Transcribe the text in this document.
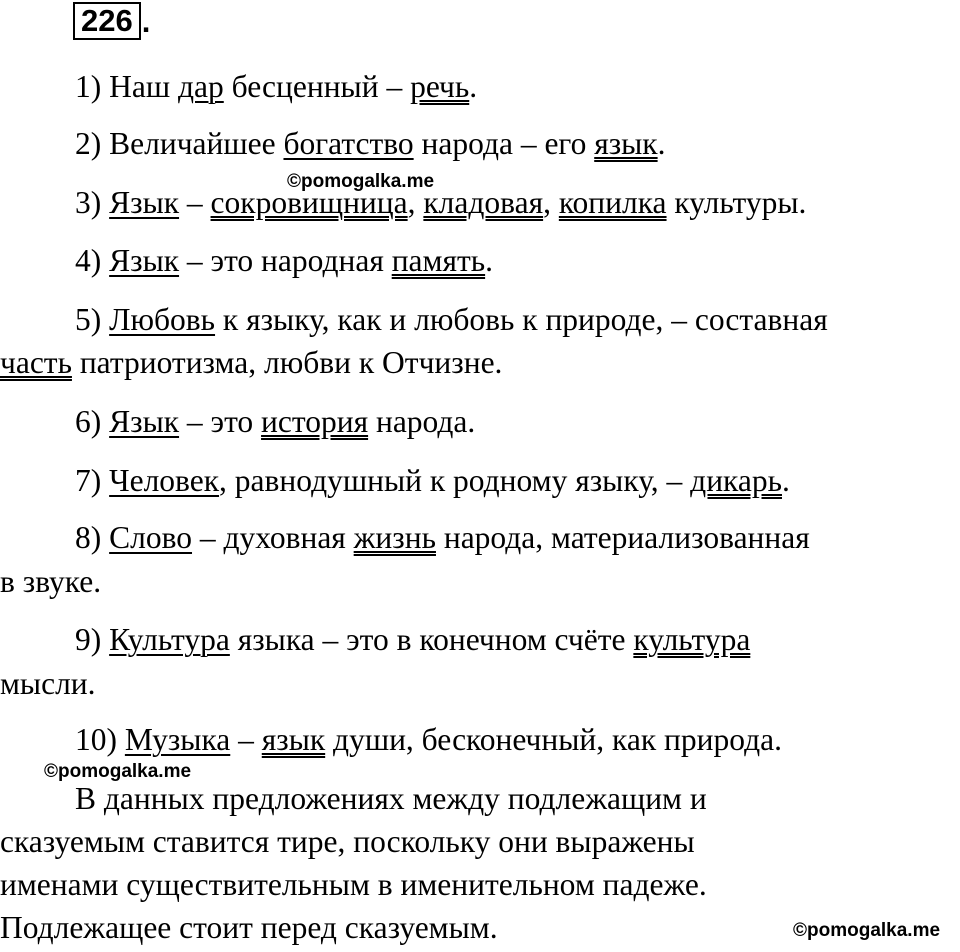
226 .
1) Наш дар бесценный – речь.
2) Величайшее богатство народа – его язык.
3) Язык – сокровищница, кладовая, копилка культуры.
4) Язык – это народная память.
5) Любовь к языку, как и любовь к природе, – составная
часть патриотизма, любви к Отчизне.
6) Язык – это история народа.
7) Человек, равнодушный к родному языку, – дикарь.
8) Слово – духовная жизнь народа, материализованная
в звуке.
9) Культура языка – это в конечном счёте культура
мысли.
10) Музыка – язык души, бесконечный, как природа.
В данных предложениях между подлежащим и
сказуемым ставится тире, поскольку они выражены
именами существительным в именительном падеже.
Подлежащее стоит перед сказуемым.
©pomogalka.me
©pomogalka.me
©pomogalka.me
